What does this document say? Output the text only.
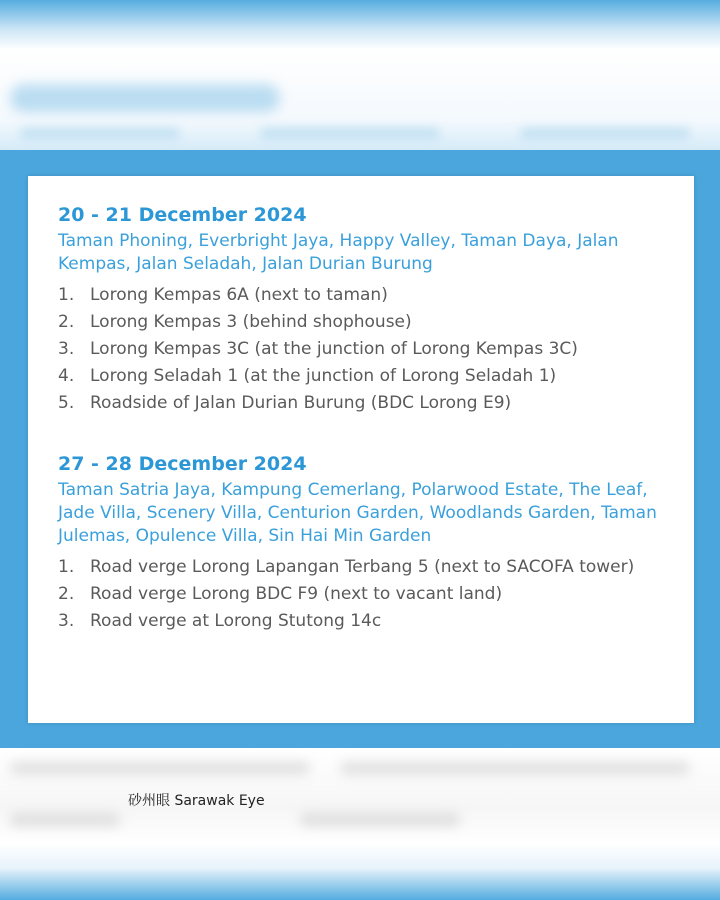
20 - 21 December 2024
Taman Phoning, Everbright Jaya, Happy Valley, Taman Daya, Jalan Kempas, Jalan Seladah, Jalan Durian Burung
1. Lorong Kempas 6A (next to taman)
2. Lorong Kempas 3 (behind shophouse)
3. Lorong Kempas 3C (at the junction of Lorong Kempas 3C)
4. Lorong Seladah 1 (at the junction of Lorong Seladah 1)
5. Roadside of Jalan Durian Burung (BDC Lorong E9)
27 - 28 December 2024
Taman Satria Jaya, Kampung Cemerlang, Polarwood Estate, The Leaf, Jade Villa, Scenery Villa, Centurion Garden, Woodlands Garden, Taman Julemas, Opulence Villa, Sin Hai Min Garden
1. Road verge Lorong Lapangan Terbang 5 (next to SACOFA tower)
2. Road verge Lorong BDC F9 (next to vacant land)
3. Road verge at Lorong Stutong 14c
砂州眼 Sarawak Eye
